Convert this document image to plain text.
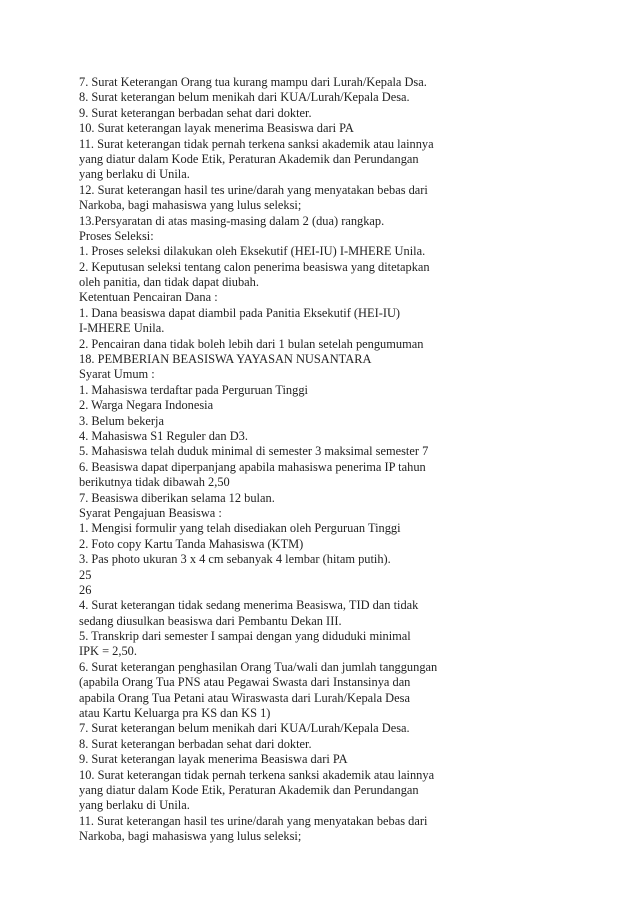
7. Surat Keterangan Orang tua kurang mampu dari Lurah/Kepala Dsa.
8. Surat keterangan belum menikah dari KUA/Lurah/Kepala Desa.
9. Surat keterangan berbadan sehat dari dokter.
10. Surat keterangan layak menerima Beasiswa dari PA
11. Surat keterangan tidak pernah terkena sanksi akademik atau lainnya
yang diatur dalam Kode Etik, Peraturan Akademik dan Perundangan
yang berlaku di Unila.
12. Surat keterangan hasil tes urine/darah yang menyatakan bebas dari
Narkoba, bagi mahasiswa yang lulus seleksi;
13.Persyaratan di atas masing-masing dalam 2 (dua) rangkap.
Proses Seleksi:
1. Proses seleksi dilakukan oleh Eksekutif (HEI-IU) I-MHERE Unila.
2. Keputusan seleksi tentang calon penerima beasiswa yang ditetapkan
oleh panitia, dan tidak dapat diubah.
Ketentuan Pencairan Dana :
1. Dana beasiswa dapat diambil pada Panitia Eksekutif (HEI-IU)
I-MHERE Unila.
2. Pencairan dana tidak boleh lebih dari 1 bulan setelah pengumuman
18. PEMBERIAN BEASISWA YAYASAN NUSANTARA
Syarat Umum :
1. Mahasiswa terdaftar pada Perguruan Tinggi
2. Warga Negara Indonesia
3. Belum bekerja
4. Mahasiswa S1 Reguler dan D3.
5. Mahasiswa telah duduk minimal di semester 3 maksimal semester 7
6. Beasiswa dapat diperpanjang apabila mahasiswa penerima IP tahun
berikutnya tidak dibawah 2,50
7. Beasiswa diberikan selama 12 bulan.
Syarat Pengajuan Beasiswa :
1. Mengisi formulir yang telah disediakan oleh Perguruan Tinggi
2. Foto copy Kartu Tanda Mahasiswa (KTM)
3. Pas photo ukuran 3 x 4 cm sebanyak 4 lembar (hitam putih).
25
26
4. Surat keterangan tidak sedang menerima Beasiswa, TID dan tidak
sedang diusulkan beasiswa dari Pembantu Dekan III.
5. Transkrip dari semester I sampai dengan yang diduduki minimal
IPK = 2,50.
6. Surat keterangan penghasilan Orang Tua/wali dan jumlah tanggungan
(apabila Orang Tua PNS atau Pegawai Swasta dari Instansinya dan
apabila Orang Tua Petani atau Wiraswasta dari Lurah/Kepala Desa
atau Kartu Keluarga pra KS dan KS 1)
7. Surat keterangan belum menikah dari KUA/Lurah/Kepala Desa.
8. Surat keterangan berbadan sehat dari dokter.
9. Surat keterangan layak menerima Beasiswa dari PA
10. Surat keterangan tidak pernah terkena sanksi akademik atau lainnya
yang diatur dalam Kode Etik, Peraturan Akademik dan Perundangan
yang berlaku di Unila.
11. Surat keterangan hasil tes urine/darah yang menyatakan bebas dari
Narkoba, bagi mahasiswa yang lulus seleksi;
